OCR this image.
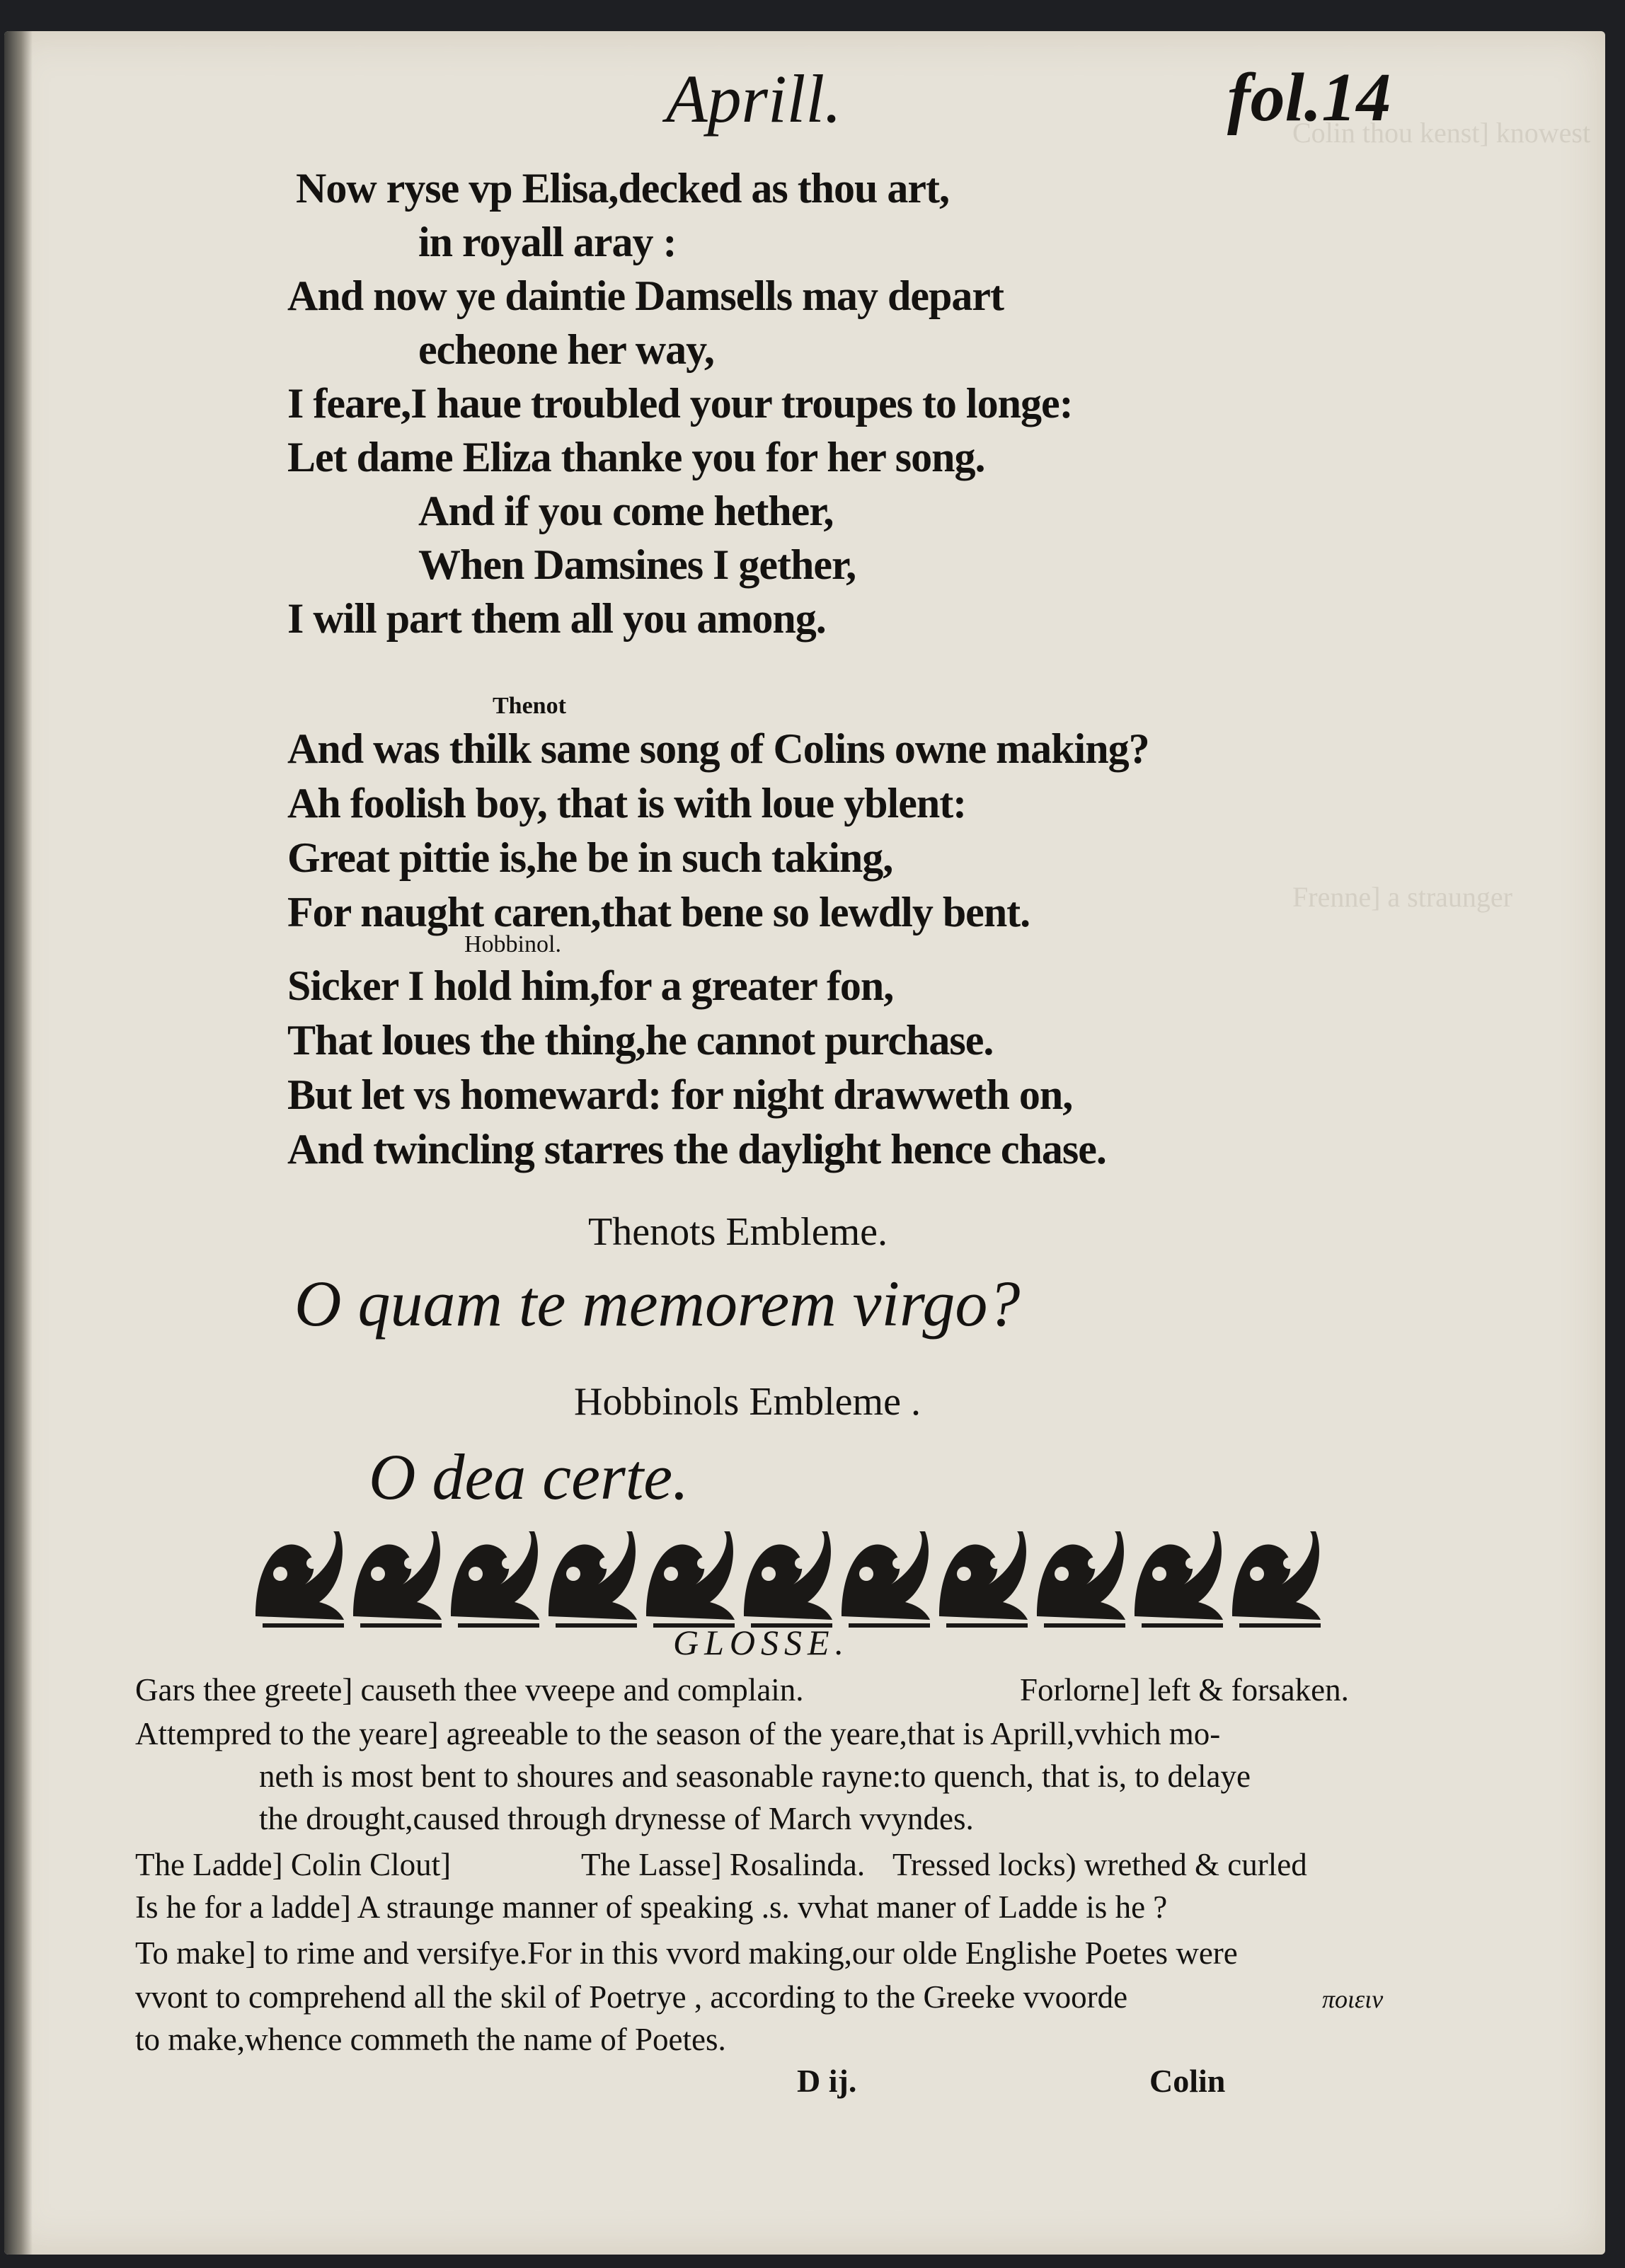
Colin thou kenst] knowest
Frenne] a straunger
Aprill.	fol.14
Now ryse vp Elisa,decked as thou art,
in royall aray :
And now ye daintie Damsells may depart
echeone her way,
I feare,I haue troubled your troupes to longe:
Let dame Eliza thanke you for her song.
And if you come hether,
When Damsines I gether,
I will part them all you among.
Thenot
And was thilk same song of Colins owne making?
Ah foolish boy, that is with loue yblent:
Great pittie is,he be in such taking,
For naught caren,that bene so lewdly bent.
Hobbinol.
Sicker I hold him,for a greater fon,
That loues the thing,he cannot purchase.
But let vs homeward: for night drawweth on,
And twincling starres the daylight hence chase.
Thenots Embleme.
O quam te memorem virgo?
Hobbinols Embleme .
O dea certe.
GLOSSE.
Gars thee greete] causeth thee vveepe and complain.	Forlorne] left & forsaken.
Attempred to the yeare] agreeable to the season of the yeare,that is Aprill,vvhich mo-
neth is most bent to shoures and seasonable rayne:to quench, that is, to delaye
the drought,caused through drynesse of March vvyndes.
The Ladde] Colin Clout]	The Lasse] Rosalinda. Tressed locks) wrethed & curled
Is he for a ladde] A straunge manner of speaking .s. vvhat maner of Ladde is he ?
To make] to rime and versifye.For in this vvord making,our olde Englishe Poetes were
vvont to comprehend all the skil of Poetrye , according to the Greeke vvoorde	ποιειν
to make,whence commeth the name of Poetes.
D ij.	Colin
